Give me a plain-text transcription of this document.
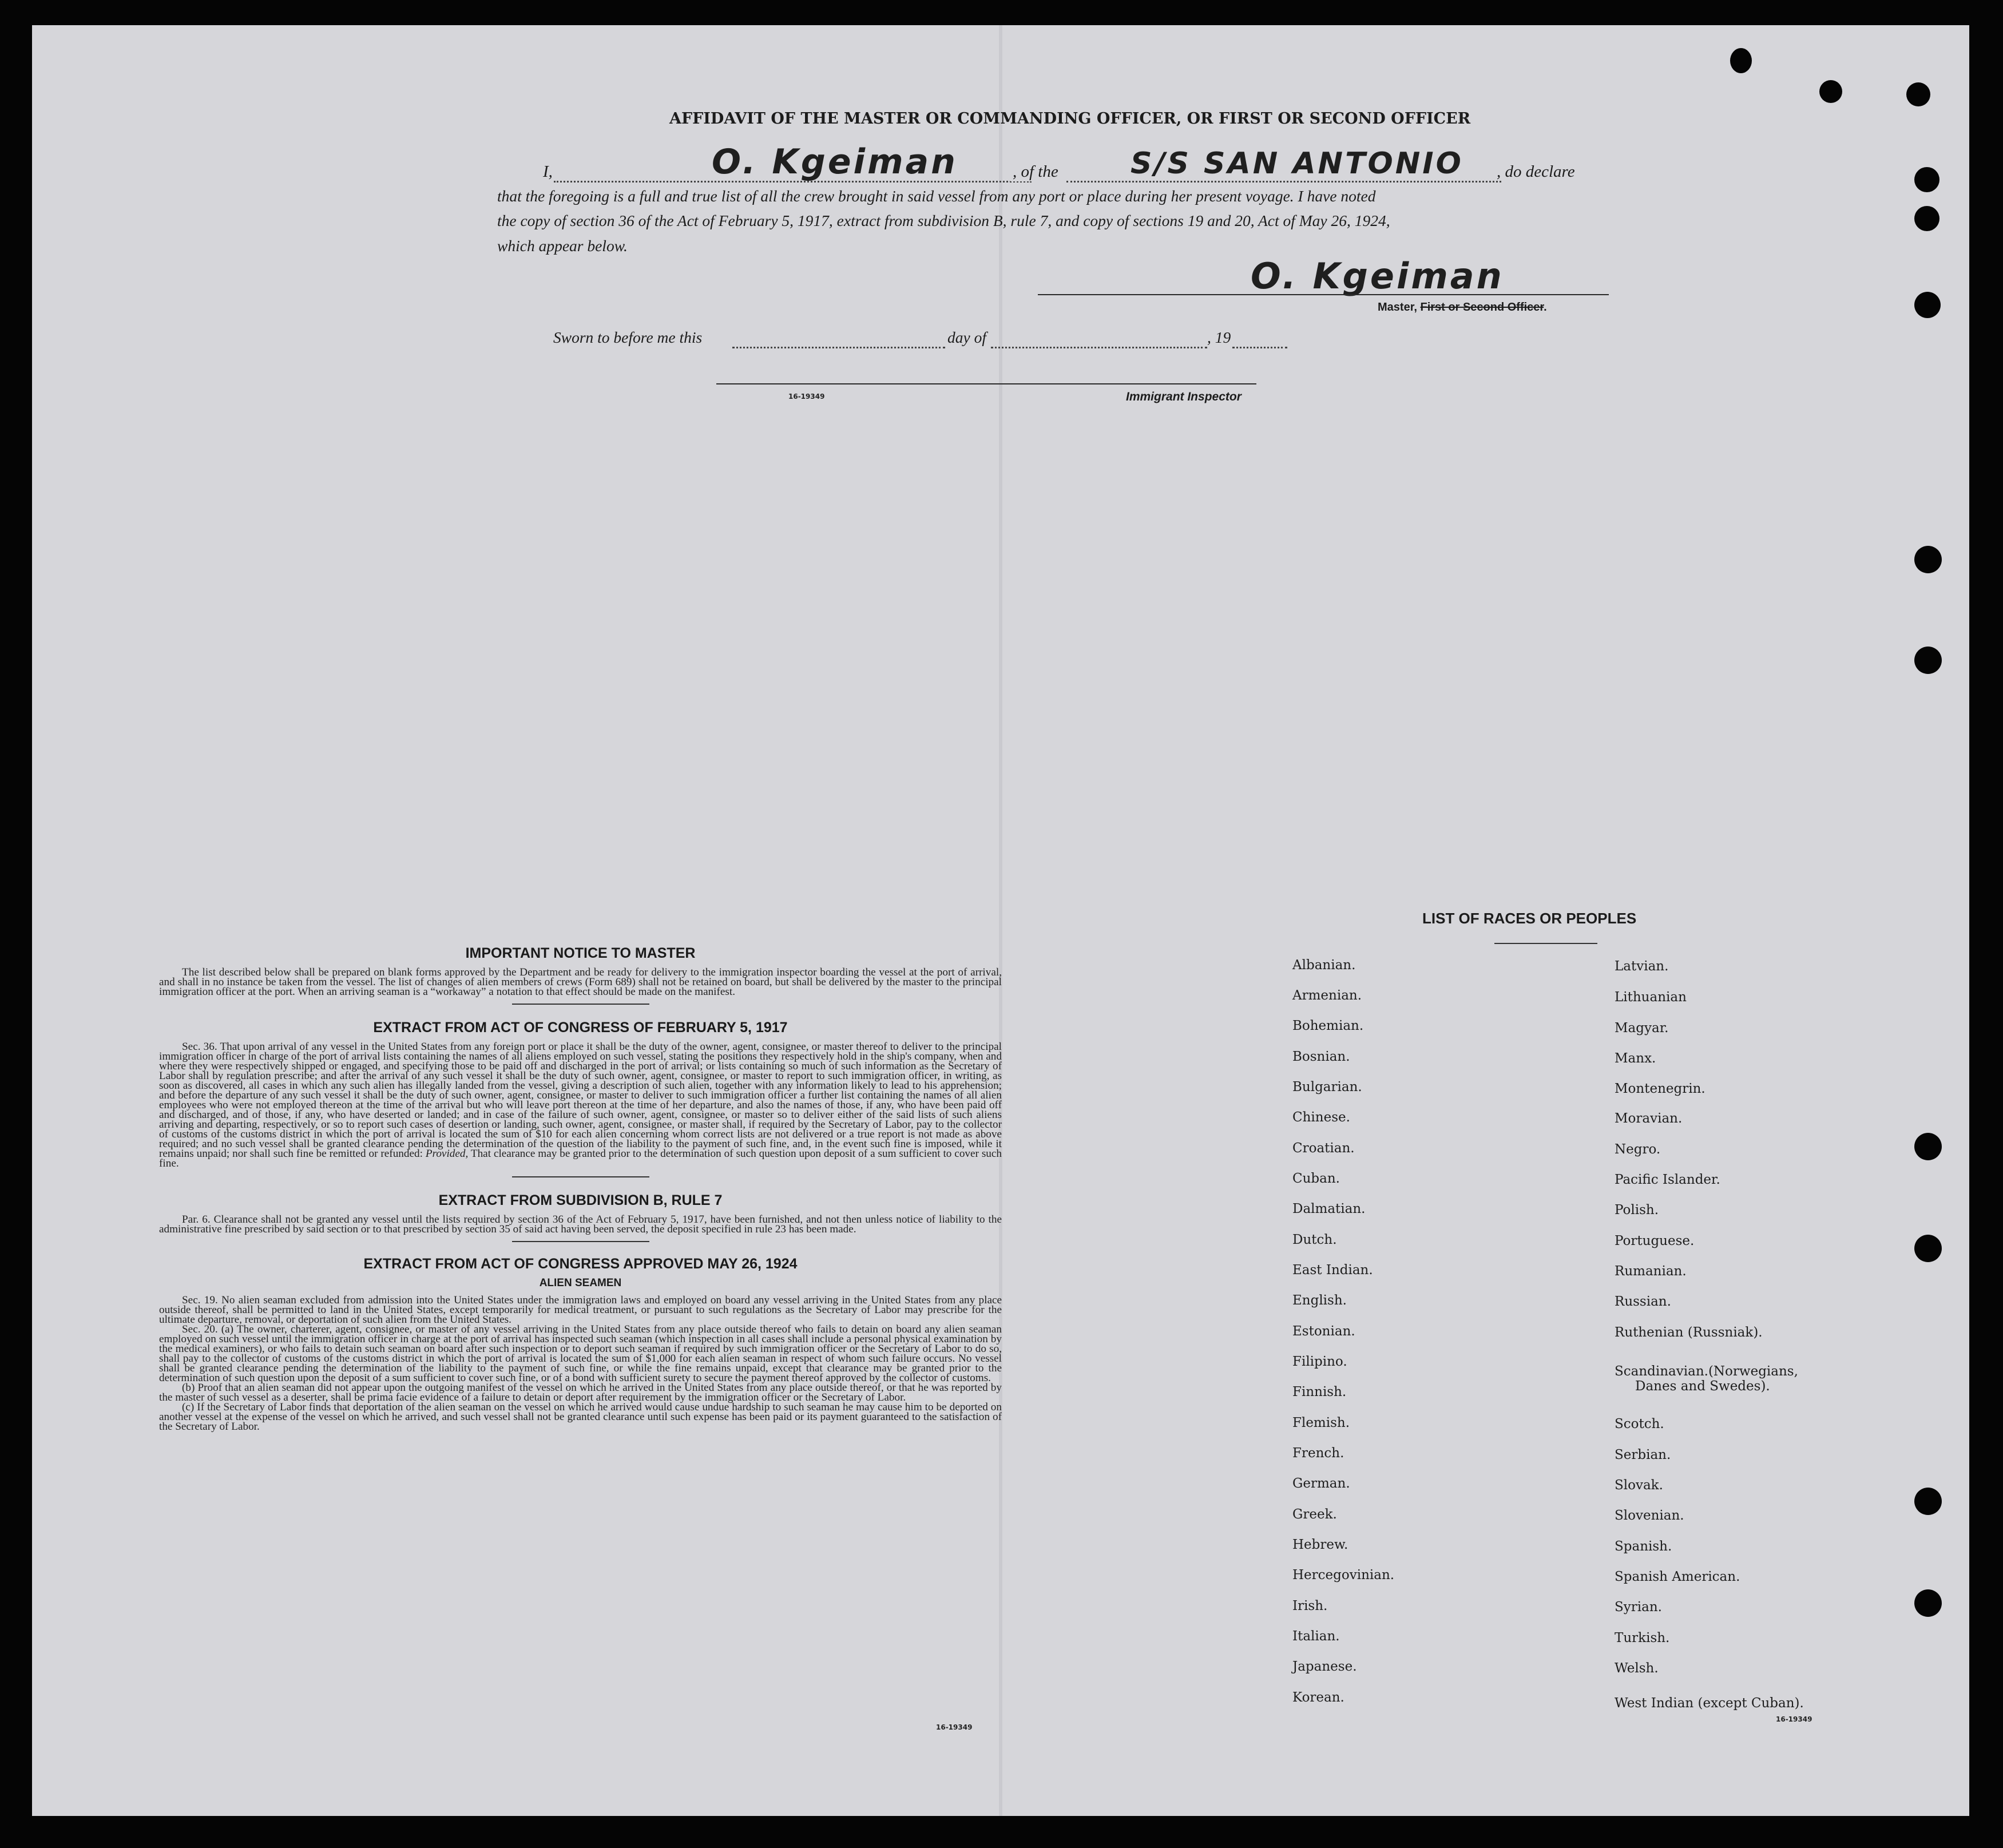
AFFIDAVIT OF THE MASTER OR COMMANDING OFFICER, OR FIRST OR SECOND OFFICER
I,	O. Kgeiman	, of the S/S SAN ANTONIO , do declare
that the foregoing is a full and true list of all the crew brought in said vessel from any port or place during her present voyage. I have noted
the copy of section 36 of the Act of February 5, 1917, extract from subdivision B, rule 7, and copy of sections 19 and 20, Act of May 26, 1924,
which appear below.
O. Kgeiman
Master, First or Second Officer.
Sworn to before me this	day of	, 19
16-19349	Immigrant Inspector
IMPORTANT NOTICE TO MASTER

The list described below shall be prepared on blank forms approved by the Department and be ready for delivery to the immigration inspector boarding the vessel at the port of arrival, and shall in no instance be taken from the vessel. The list of changes of alien members of crews (Form 689) shall not be retained on board, but shall be delivered by the master to the principal immigration officer at the port. When an arriving seaman is a “workaway” a notation to that effect should be made on the manifest.

EXTRACT FROM ACT OF CONGRESS OF FEBRUARY 5, 1917

Sec. 36. That upon arrival of any vessel in the United States from any foreign port or place it shall be the duty of the owner, agent, consignee, or master thereof to deliver to the principal immigration officer in charge of the port of arrival lists containing the names of all aliens employed on such vessel, stating the positions they respectively hold in the ship's company, when and where they were respectively shipped or engaged, and specifying those to be paid off and discharged in the port of arrival; or lists containing so much of such information as the Secretary of Labor shall by regulation prescribe; and after the arrival of any such vessel it shall be the duty of such owner, agent, consignee, or master to report to such immigration officer, in writing, as soon as discovered, all cases in which any such alien has illegally landed from the vessel, giving a description of such alien, together with any information likely to lead to his apprehension; and before the departure of any such vessel it shall be the duty of such owner, agent, consignee, or master to deliver to such immigration officer a further list containing the names of all alien employees who were not employed thereon at the time of the arrival but who will leave port thereon at the time of her departure, and also the names of those, if any, who have been paid off and discharged, and of those, if any, who have deserted or landed; and in case of the failure of such owner, agent, consignee, or master so to deliver either of the said lists of such aliens arriving and departing, respectively, or so to report such cases of desertion or landing, such owner, agent, consignee, or master shall, if required by the Secretary of Labor, pay to the collector of customs of the customs district in which the port of arrival is located the sum of $10 for each alien concerning whom correct lists are not delivered or a true report is not made as above required; and no such vessel shall be granted clearance pending the determination of the question of the liability to the payment of such fine, and, in the event such fine is imposed, while it remains unpaid; nor shall such fine be remitted or refunded: Provided, That clearance may be granted prior to the determination of such question upon deposit of a sum sufficient to cover such fine.

EXTRACT FROM SUBDIVISION B, RULE 7

Par. 6. Clearance shall not be granted any vessel until the lists required by section 36 of the Act of February 5, 1917, have been furnished, and not then unless notice of liability to the administrative fine prescribed by said section or to that prescribed by section 35 of said act having been served, the deposit specified in rule 23 has been made.

EXTRACT FROM ACT OF CONGRESS APPROVED MAY 26, 1924
ALIEN SEAMEN

Sec. 19. No alien seaman excluded from admission into the United States under the immigration laws and employed on board any vessel arriving in the United States from any place outside thereof, shall be permitted to land in the United States, except temporarily for medical treatment, or pursuant to such regulations as the Secretary of Labor may prescribe for the ultimate departure, removal, or deportation of such alien from the United States.

Sec. 20. (a) The owner, charterer, agent, consignee, or master of any vessel arriving in the United States from any place outside thereof who fails to detain on board any alien seaman employed on such vessel until the immigration officer in charge at the port of arrival has inspected such seaman (which inspection in all cases shall include a personal physical examination by the medical examiners), or who fails to detain such seaman on board after such inspection or to deport such seaman if required by such immigration officer or the Secretary of Labor to do so, shall pay to the collector of customs of the customs district in which the port of arrival is located the sum of $1,000 for each alien seaman in respect of whom such failure occurs. No vessel shall be granted clearance pending the determination of the liability to the payment of such fine, or while the fine remains unpaid, except that clearance may be granted prior to the determination of such question upon the deposit of a sum sufficient to cover such fine, or of a bond with sufficient surety to secure the payment thereof approved by the collector of customs.

(b) Proof that an alien seaman did not appear upon the outgoing manifest of the vessel on which he arrived in the United States from any place outside thereof, or that he was reported by the master of such vessel as a deserter, shall be prima facie evidence of a failure to detain or deport after requirement by the immigration officer or the Secretary of Labor.

(c) If the Secretary of Labor finds that deportation of the alien seaman on the vessel on which he arrived would cause undue hardship to such seaman he may cause him to be deported on another vessel at the expense of the vessel on which he arrived, and such vessel shall not be granted clearance until such expense has been paid or its payment guaranteed to the satisfaction of the Secretary of Labor.

16-19349
LIST OF RACES OR PEOPLES
Albanian.
Armenian.
Bohemian.
Bosnian.
Bulgarian.
Chinese.
Croatian.
Cuban.
Dalmatian.
Dutch.
East Indian.
English.
Estonian.
Filipino.
Finnish.
Flemish.
French.
German.
Greek.
Hebrew.
Hercegovinian.
Irish.
Italian.
Japanese.
Korean.
Latvian.
Lithuanian
Magyar.
Manx.
Montenegrin.
Moravian.
Negro.
Pacific Islander.
Polish.
Portuguese.
Rumanian.
Russian.
Ruthenian (Russniak).
Scandinavian.(Norwegians,
Danes and Swedes).
Scotch.
Serbian.
Slovak.
Slovenian.
Spanish.
Spanish American.
Syrian.
Turkish.
Welsh.
West Indian (except Cuban).
16-19349
